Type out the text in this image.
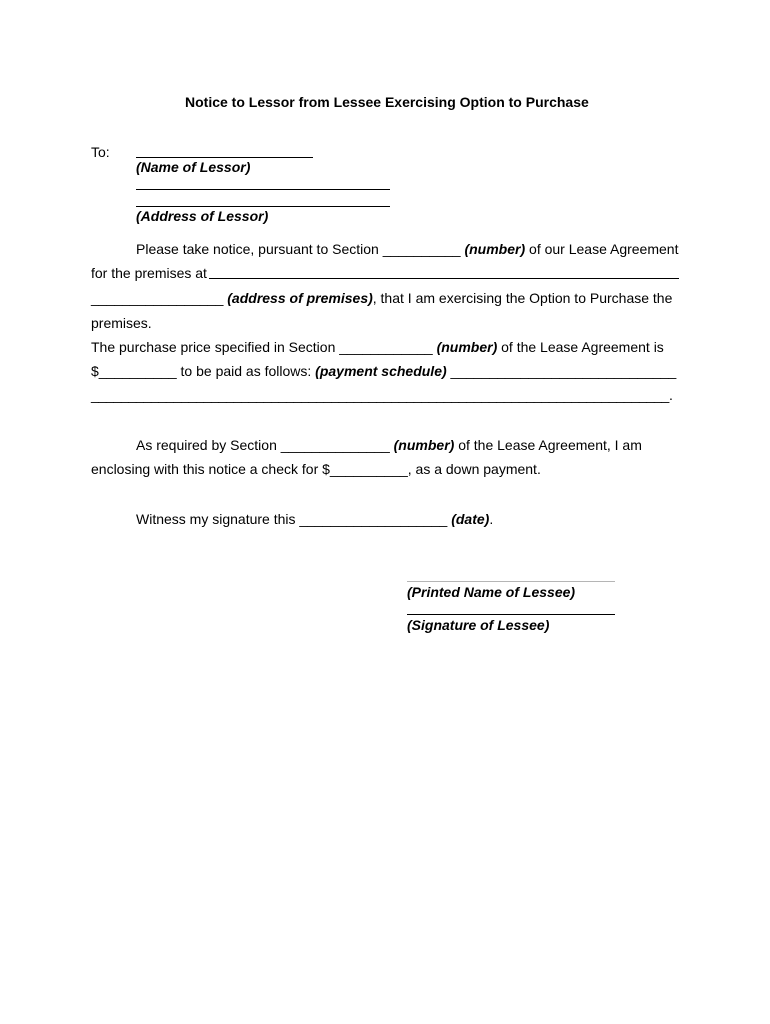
Notice to Lessor from Lessee Exercising Option to Purchase
To:
(Name of Lessor)
(Address of Lessor)
Please take notice, pursuant to Section __________ (number) of our Lease Agreement
for the premises at
_________________ (address of premises), that I am exercising the Option to Purchase the
premises.
The purchase price specified in Section ____________ (number) of the Lease Agreement is
$__________ to be paid as follows: (payment schedule) _____________________________
_____________________________________________________________________________.
As required by Section ______________ (number) of the Lease Agreement, I am
enclosing with this notice a check for $__________, as a down payment.
Witness my signature this ___________________ (date).
(Printed Name of Lessee)
(Signature of Lessee)
